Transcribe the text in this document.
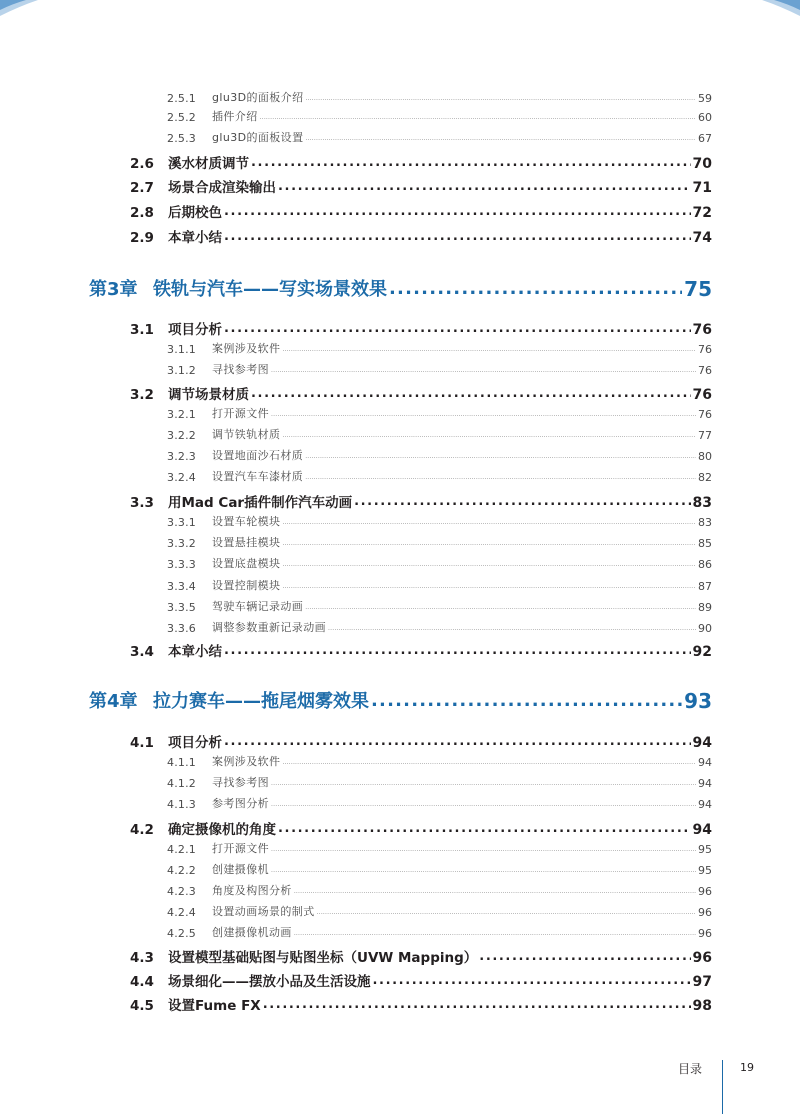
2.5.1	glu3D的面板介绍 .....	59
2.5.2	插件介绍 .....	60
2.5.3	glu3D的面板设置 .....	67
2.6	溪水材质调节 .....	70
2.7	场景合成渲染输出 .....	71
2.8	后期校色 .....	72
2.9	本章小结 .....	74
第3章 铁轨与汽车——写实场景效果 .....	75
3.1	项目分析 .....	76
3.1.1	案例涉及软件 .....	76
3.1.2	寻找参考图 .....	76
3.2	调节场景材质 .....	76
3.2.1	打开源文件 .....	76
3.2.2	调节铁轨材质 .....	77
3.2.3	设置地面沙石材质 .....	80
3.2.4	设置汽车车漆材质 .....	82
3.3	用Mad Car插件制作汽车动画 .....	83
3.3.1	设置车轮模块 .....	83
3.3.2	设置悬挂模块 .....	85
3.3.3	设置底盘模块 .....	86
3.3.4	设置控制模块 .....	87
3.3.5	驾驶车辆记录动画 .....	89
3.3.6	调整参数重新记录动画 .....	90
3.4	本章小结 .....	92
第4章 拉力赛车——拖尾烟雾效果 .....	93
4.1	项目分析 .....	94
4.1.1	案例涉及软件 .....	94
4.1.2	寻找参考图 .....	94
4.1.3	参考图分析 .....	94
4.2	确定摄像机的角度 .....	94
4.2.1	打开源文件 .....	95
4.2.2	创建摄像机 .....	95
4.2.3	角度及构图分析 .....	96
4.2.4	设置动画场景的制式 .....	96
4.2.5	创建摄像机动画 .....	96
4.3	设置模型基础贴图与贴图坐标（UVW Mapping） .....	96
4.4	场景细化——摆放小品及生活设施 .....	97
4.5	设置Fume FX .....	98
目录	19
